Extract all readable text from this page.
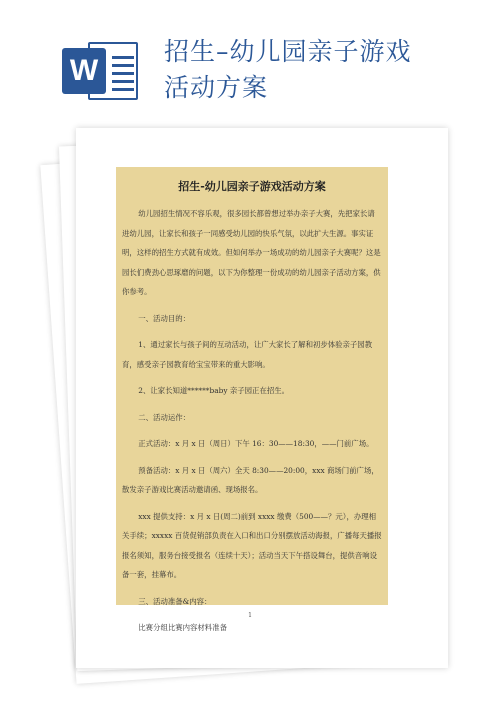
W
招生–幼儿园亲子游戏
活动方案
招生-幼儿园亲子游戏活动方案
幼儿园招生情况不容乐观，很多园长都曾想过举办亲子大赛，先把家长请进幼儿园，让家长和孩子一同感受幼儿园的快乐气氛，以此扩大生源。事实证明，这样的招生方式就有成效。但如何举办一场成功的幼儿园亲子大赛呢？这是园长们费劲心思琢磨的问题，以下为你整理一份成功的幼儿园亲子活动方案，供你参考。
一、活动目的：
1、通过家长与孩子间的互动活动，让广大家长了解和初步体验亲子园教育，感受亲子园教育给宝宝带来的重大影响。
2、让家长知道******baby 亲子园正在招生。
二、活动运作：
正式活动：x 月 x 日（周日）下午 16：30——18:30，——门前广场。
预备活动：x 月 x 日（周六）全天 8:30——20:00，xxx 商场门前广场，散发亲子游戏比赛活动邀请函、现场报名。
xxx 提供支持：x 月 x 日(周二)前到 xxxx 缴费（500——？元），办理相关手续；xxxxx 百货促销部负责在入口和出口分别摆放活动海报，广播每天播报报名须知，服务台接受报名（连续十天）；活动当天下午搭设舞台，提供音响设备一套，挂幕布。
三、活动准备&内容：
比赛分组比赛内容材料准备
1
